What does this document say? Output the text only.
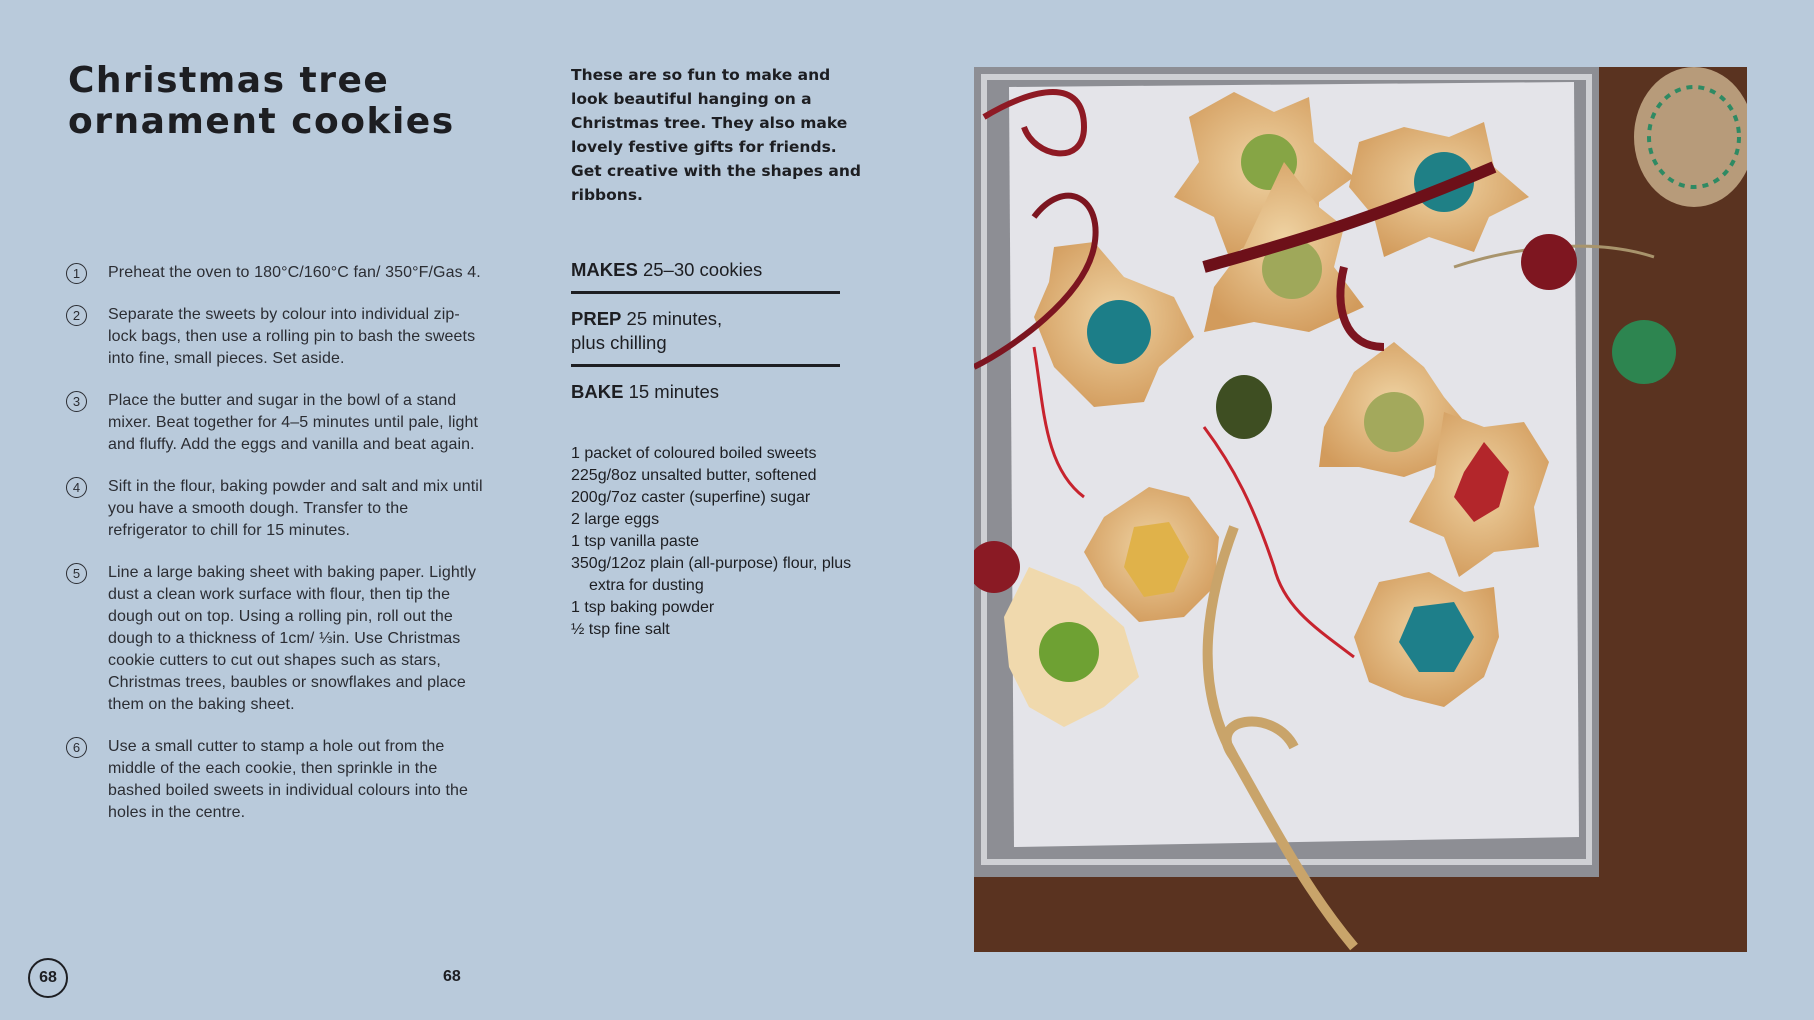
Christmas tree
ornament cookies
1	Preheat the oven to 180°C/160°C fan/ 350°F/Gas 4.
2	Separate the sweets by colour into individual zip-lock bags, then use a rolling pin to bash the sweets into fine, small pieces. Set aside.
3	Place the butter and sugar in the bowl of a stand mixer. Beat together for 4–5 minutes until pale, light and fluffy. Add the eggs and vanilla and beat again.
4	Sift in the flour, baking powder and salt and mix until you have a smooth dough. Transfer to the refrigerator to chill for 15 minutes.
5	Line a large baking sheet with baking paper. Lightly dust a clean work surface with flour, then tip the dough out on top. Using a rolling pin, roll out the dough to a thickness of 1cm/ ⅓in. Use Christmas cookie cutters to cut out shapes such as stars, Christmas trees, baubles or snowflakes and place them on the baking sheet.
6	Use a small cutter to stamp a hole out from the middle of the each cookie, then sprinkle in the bashed boiled sweets in individual colours into the holes in the centre.

These are so fun to make and look beautiful hanging on a Christmas tree. They also make lovely festive gifts for friends. Get creative with the shapes and ribbons.

MAKES 25–30 cookies
PREP 25 minutes, plus chilling
BAKE 15 minutes
1 packet of coloured boiled sweets
225g/8oz unsalted butter, softened
200g/7oz caster (superfine) sugar
2 large eggs
1 tsp vanilla paste
350g/12oz plain (all-purpose) flour, plus extra for dusting
1 tsp baking powder
½ tsp fine salt
68	68
